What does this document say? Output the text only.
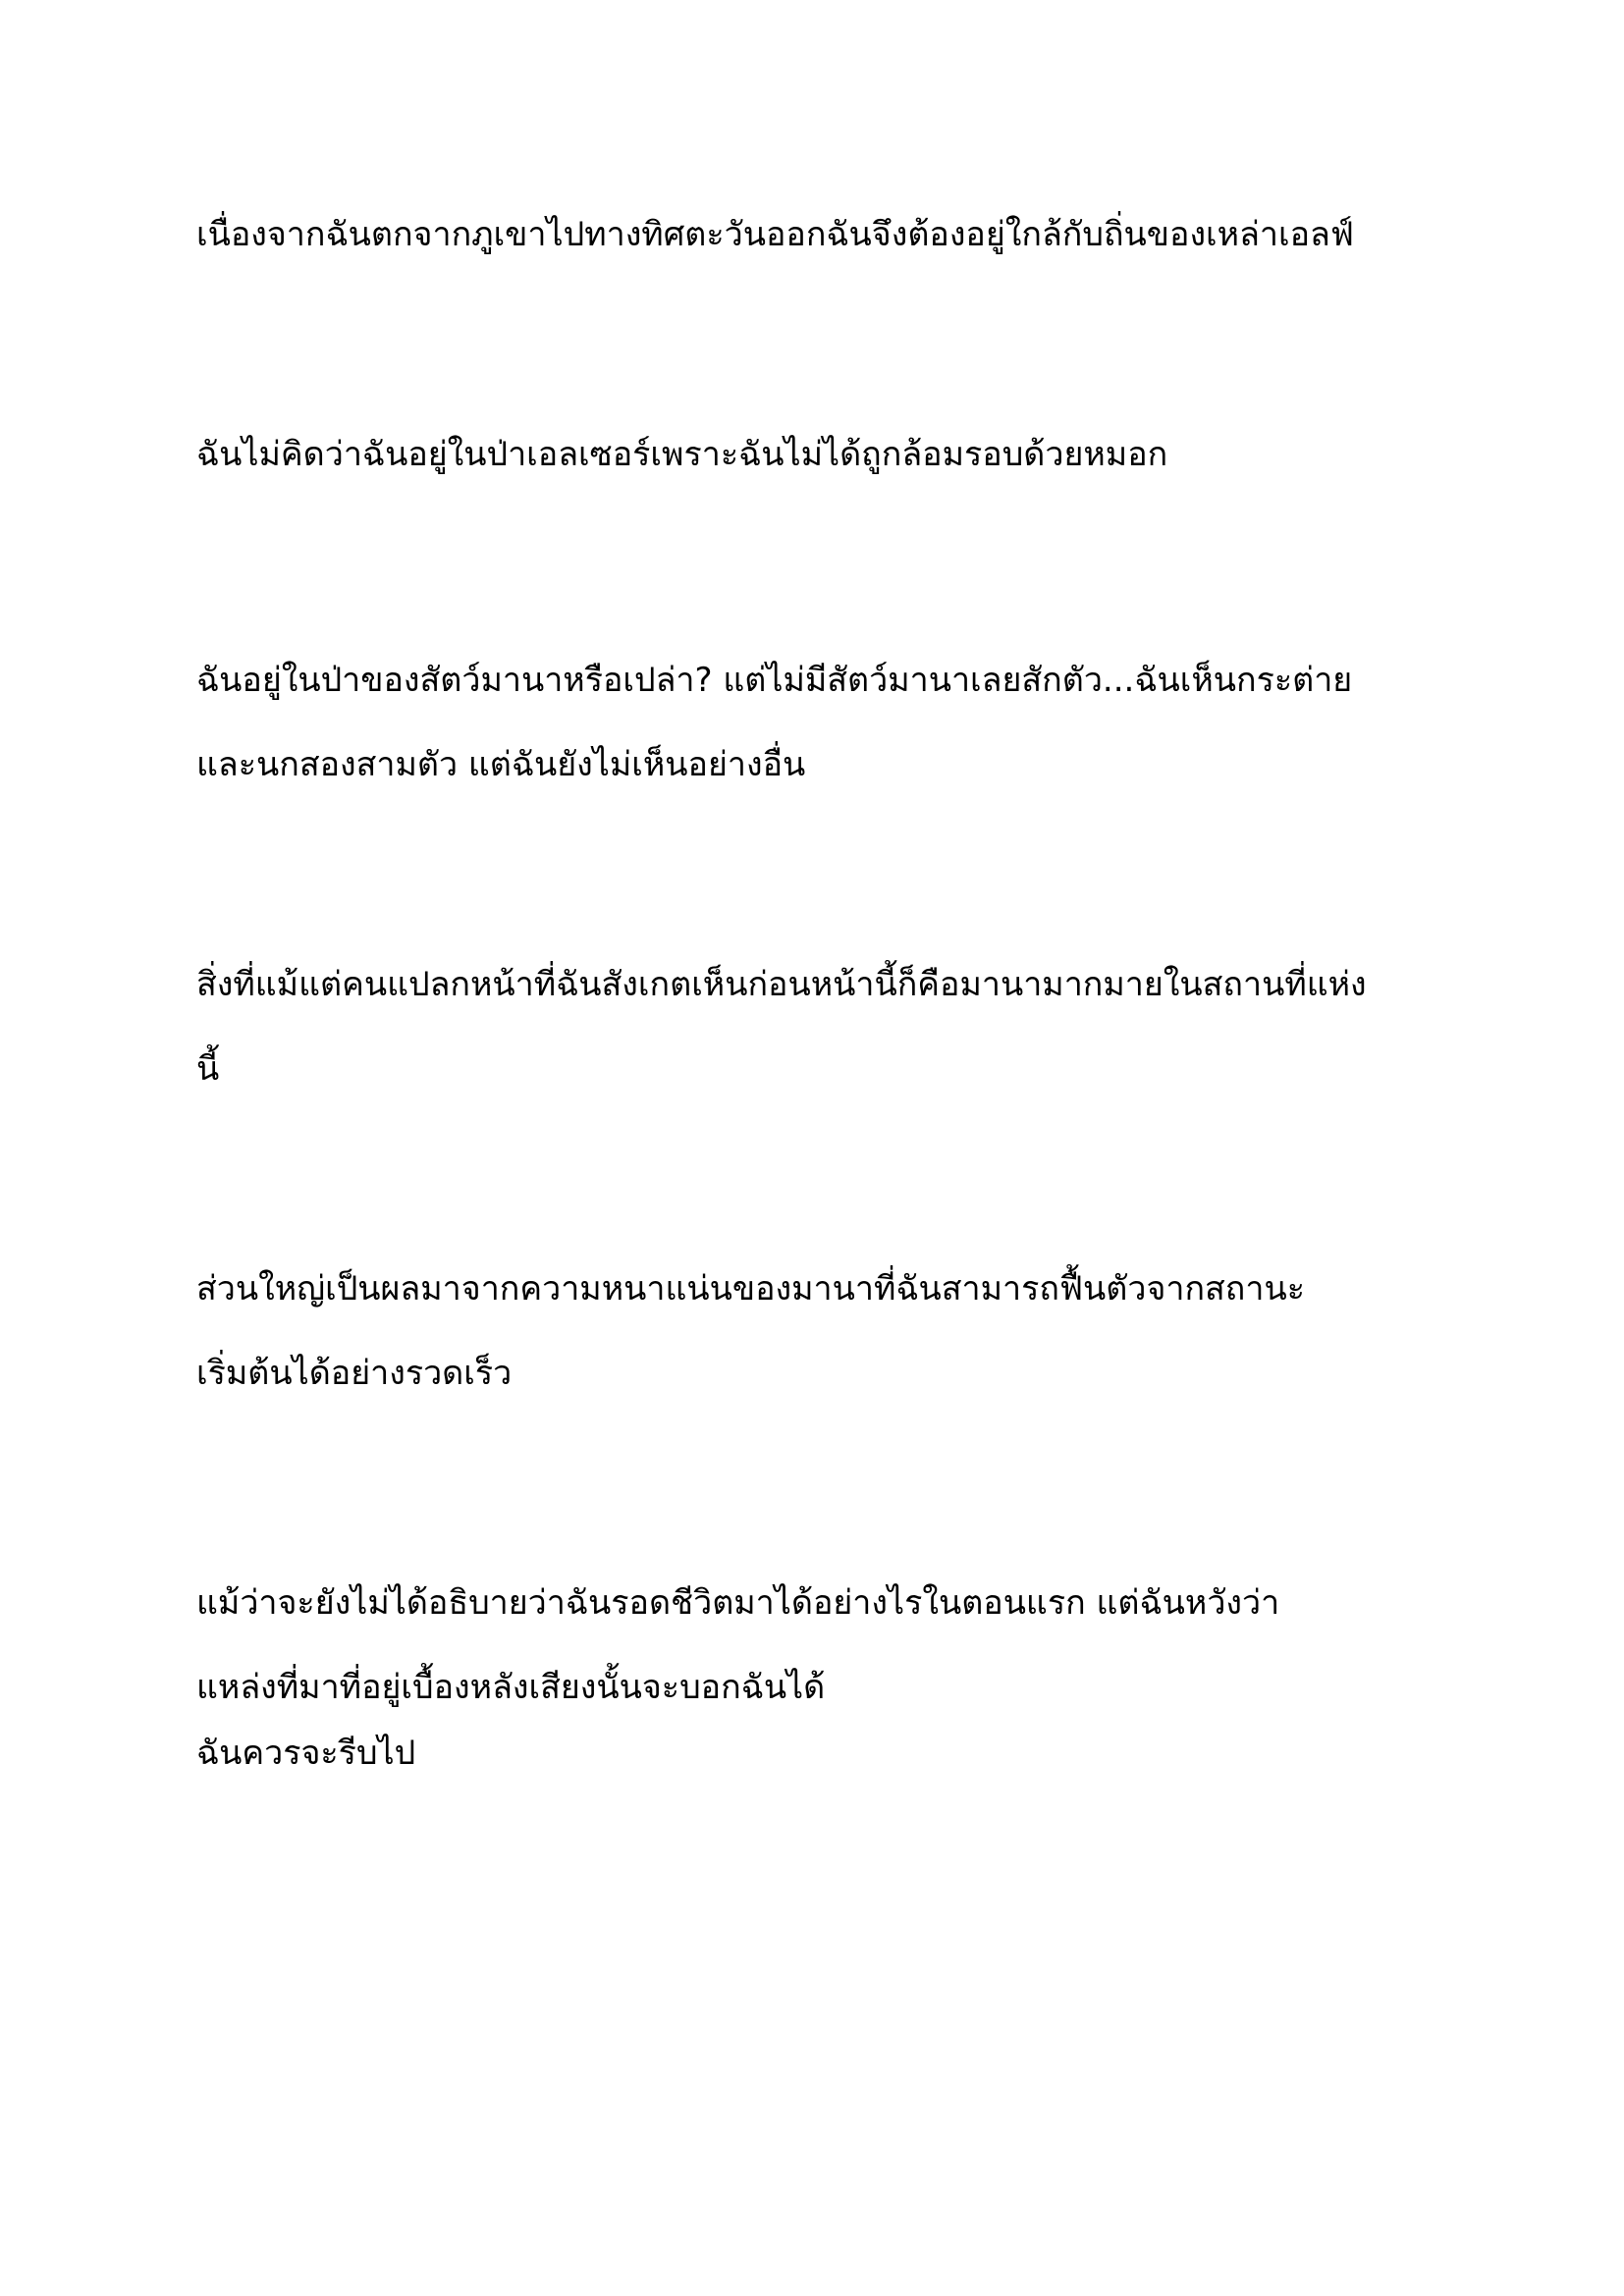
เนื่องจากฉันตกจากภูเขาไปทางทิศตะวันออกฉันจึงต้องอยู่ใกล้กับถิ่นของเหล่าเอลฟ์

ฉันไม่คิดว่าฉันอยู่ในป่าเอลเซอร์เพราะฉันไม่ได้ถูกล้อมรอบด้วยหมอก

ฉันอยู่ในป่าของสัตว์มานาหรือเปล่า? แต่ไม่มีสัตว์มานาเลยสักตัว...ฉันเห็นกระต่าย
และนกสองสามตัว แต่ฉันยังไม่เห็นอย่างอื่น

สิ่งที่แม้แต่คนแปลกหน้าที่ฉันสังเกตเห็นก่อนหน้านี้ก็คือมานามากมายในสถานที่แห่ง
นี้

ส่วนใหญ่เป็นผลมาจากความหนาแน่นของมานาที่ฉันสามารถฟื้นตัวจากสถานะ
เริ่มต้นได้อย่างรวดเร็ว

แม้ว่าจะยังไม่ได้อธิบายว่าฉันรอดชีวิตมาได้อย่างไรในตอนแรก แต่ฉันหวังว่า
แหล่งที่มาที่อยู่เบื้องหลังเสียงนั้นจะบอกฉันได้

ฉันควรจะรีบไป
